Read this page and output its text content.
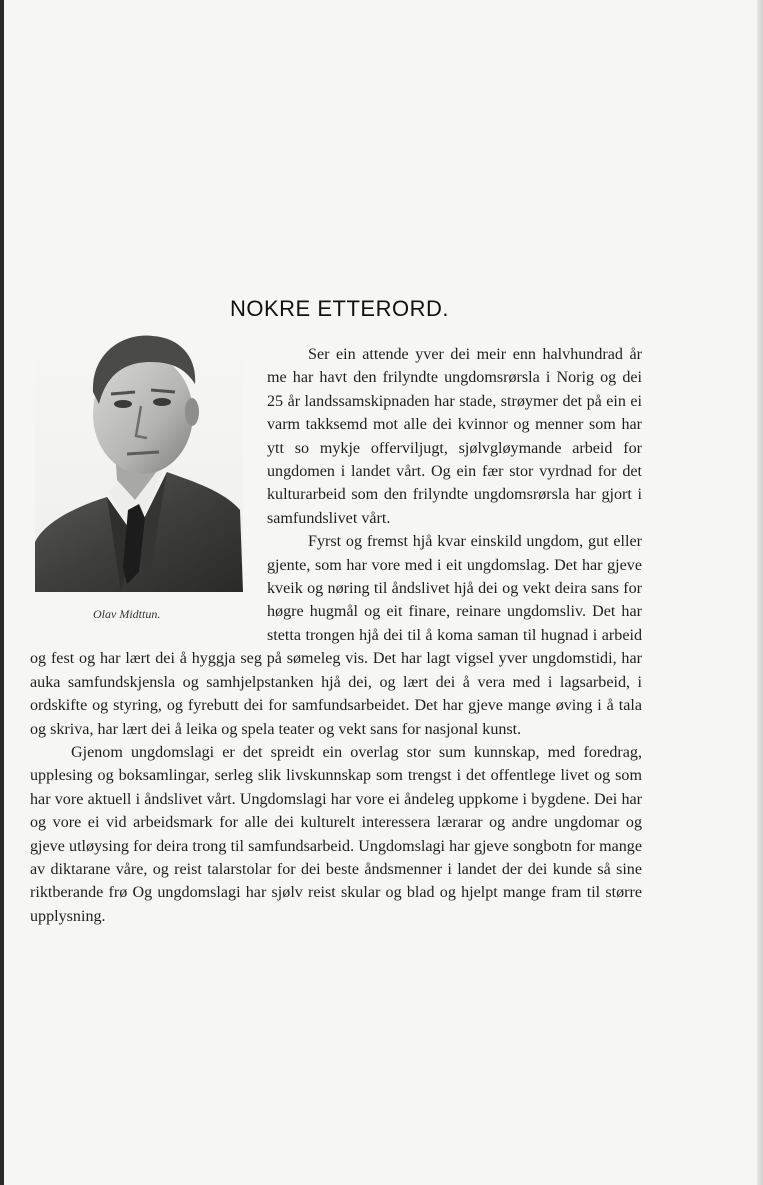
NOKRE ETTERORD.
Olav Midttun.

Ser ein attende yver dei meir enn halvhundrad år me har havt den frilyndte ungdomsrørsla i Norig og dei 25 år landssamskipnaden har stade, strøymer det på ein ei varm takksemd mot alle dei kvinnor og menner som har ytt so mykje offerviljugt, sjølvgløymande arbeid for ungdomen i landet vårt. Og ein fær stor vyrdnad for det kulturarbeid som den frilyndte ungdomsrørsla har gjort i samfundslivet vårt.

Fyrst og fremst hjå kvar einskild ungdom, gut eller gjente, som har vore med i eit ungdomslag. Det har gjeve kveik og nøring til åndslivet hjå dei og vekt deira sans for høgre hugmål og eit finare, reinare ungdomsliv. Det har stetta trongen hjå dei til å koma saman til hugnad i arbeid og fest og har lært dei å hyggja seg på sømeleg vis. Det har lagt vigsel yver ungdomstidi, har auka samfundskjensla og samhjelpstanken hjå dei, og lært dei å vera med i lagsarbeid, i ordskifte og styring, og fyrebutt dei for samfundsarbeidet. Det har gjeve mange øving i å tala og skriva, har lært dei å leika og spela teater og vekt sans for nasjonal kunst.

Gjenom ungdomslagi er det spreidt ein overlag stor sum kunnskap, med foredrag, upplesing og boksamlingar, serleg slik livskunnskap som trengst i det offentlege livet og som har vore aktuell i åndslivet vårt. Ungdomslagi har vore ei åndeleg uppkome i bygdene. Dei har og vore ei vid arbeidsmark for alle dei kulturelt interessera lærarar og andre ungdomar og gjeve utløysing for deira trong til samfundsarbeid. Ungdomslagi har gjeve songbotn for mange av diktarane våre, og reist talarstolar for dei beste åndsmenner i landet der dei kunde så sine riktberande frø Og ungdomslagi har sjølv reist skular og blad og hjelpt mange fram til større upplysning.
